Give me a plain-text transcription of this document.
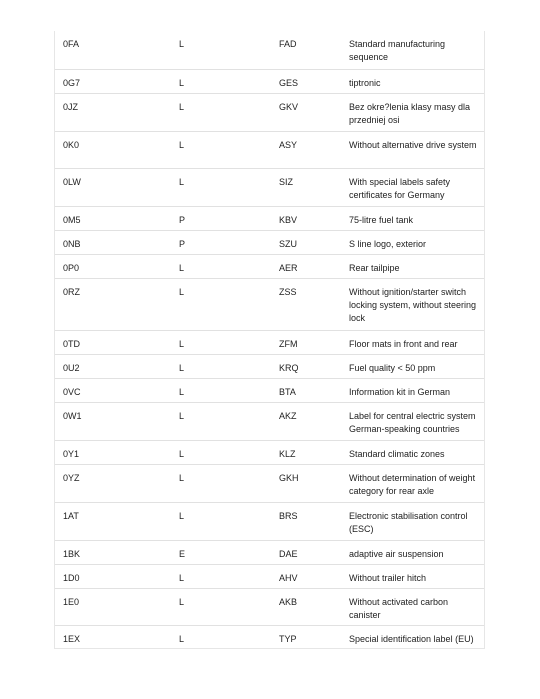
0FA	L	FAD	Standard manufacturing sequence
0G7	L	GES	tiptronic
0JZ	L	GKV	Bez okre?lenia klasy masy dla przedniej osi
0K0	L	ASY	Without alternative drive system
0LW	L	SIZ	With special labels safety certificates for Germany
0M5	P	KBV	75-litre fuel tank
0NB	P	SZU	S line logo, exterior
0P0	L	AER	Rear tailpipe
0RZ	L	ZSS	Without ignition/starter switch locking system, without steering lock
0TD	L	ZFM	Floor mats in front and rear
0U2	L	KRQ	Fuel quality < 50 ppm
0VC	L	BTA	Information kit in German
0W1	L	AKZ	Label for central electric system German-speaking countries
0Y1	L	KLZ	Standard climatic zones
0YZ	L	GKH	Without determination of weight category for rear axle
1AT	L	BRS	Electronic stabilisation control (ESC)
1BK	E	DAE	adaptive air suspension
1D0	L	AHV	Without trailer hitch
1E0	L	AKB	Without activated carbon canister
1EX	L	TYP	Special identification label (EU)
